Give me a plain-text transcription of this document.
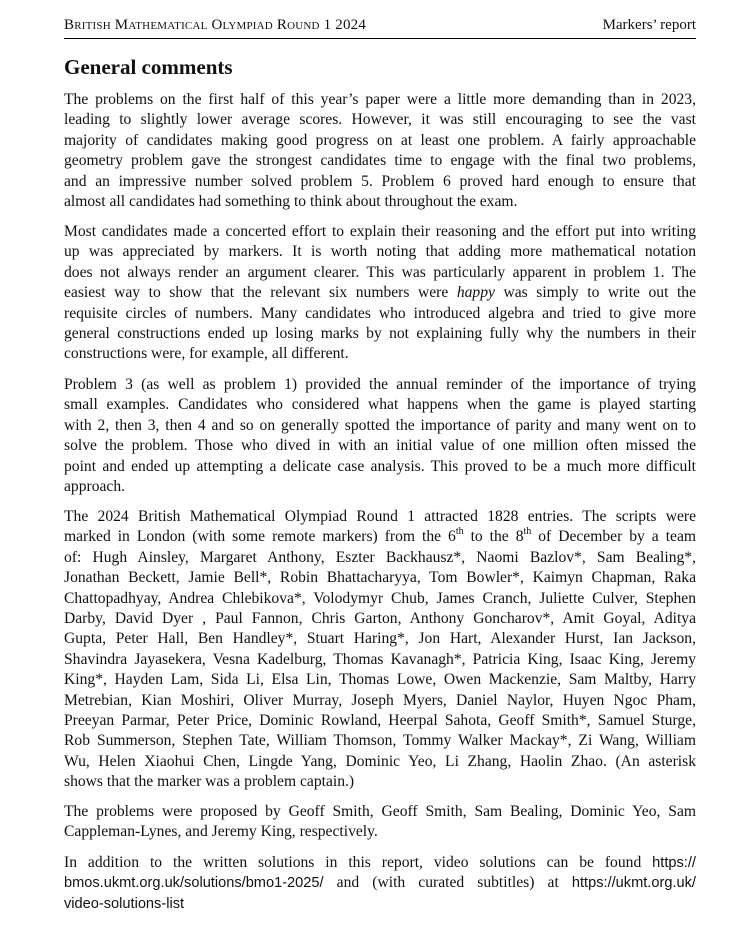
British Mathematical Olympiad Round 1 2024	Markers’ report
General comments
The problems on the first half of this year’s paper were a little more demanding than in 2023,
leading to slightly lower average scores. However, it was still encouraging to see the vast
majority of candidates making good progress on at least one problem. A fairly approachable
geometry problem gave the strongest candidates time to engage with the final two problems,
and an impressive number solved problem 5. Problem 6 proved hard enough to ensure that
almost all candidates had something to think about throughout the exam.
Most candidates made a concerted effort to explain their reasoning and the effort put into writing
up was appreciated by markers. It is worth noting that adding more mathematical notation
does not always render an argument clearer. This was particularly apparent in problem 1. The
easiest way to show that the relevant six numbers were happy was simply to write out the
requisite circles of numbers. Many candidates who introduced algebra and tried to give more
general constructions ended up losing marks by not explaining fully why the numbers in their
constructions were, for example, all different.
Problem 3 (as well as problem 1) provided the annual reminder of the importance of trying
small examples. Candidates who considered what happens when the game is played starting
with 2, then 3, then 4 and so on generally spotted the importance of parity and many went on to
solve the problem. Those who dived in with an initial value of one million often missed the
point and ended up attempting a delicate case analysis. This proved to be a much more difficult
approach.
The 2024 British Mathematical Olympiad Round 1 attracted 1828 entries. The scripts were
marked in London (with some remote markers) from the 6th to the 8th of December by a team
of: Hugh Ainsley, Margaret Anthony, Eszter Backhausz*, Naomi Bazlov*, Sam Bealing*,
Jonathan Beckett, Jamie Bell*, Robin Bhattacharyya, Tom Bowler*, Kaimyn Chapman, Raka
Chattopadhyay, Andrea Chlebikova*, Volodymyr Chub, James Cranch, Juliette Culver, Stephen
Darby, David Dyer , Paul Fannon, Chris Garton, Anthony Goncharov*, Amit Goyal, Aditya
Gupta, Peter Hall, Ben Handley*, Stuart Haring*, Jon Hart, Alexander Hurst, Ian Jackson,
Shavindra Jayasekera, Vesna Kadelburg, Thomas Kavanagh*, Patricia King, Isaac King, Jeremy
King*, Hayden Lam, Sida Li, Elsa Lin, Thomas Lowe, Owen Mackenzie, Sam Maltby, Harry
Metrebian, Kian Moshiri, Oliver Murray, Joseph Myers, Daniel Naylor, Huyen Ngoc Pham,
Preeyan Parmar, Peter Price, Dominic Rowland, Heerpal Sahota, Geoff Smith*, Samuel Sturge,
Rob Summerson, Stephen Tate, William Thomson, Tommy Walker Mackay*, Zi Wang, William
Wu, Helen Xiaohui Chen, Lingde Yang, Dominic Yeo, Li Zhang, Haolin Zhao. (An asterisk
shows that the marker was a problem captain.)
The problems were proposed by Geoff Smith, Geoff Smith, Sam Bealing, Dominic Yeo, Sam
Cappleman-Lynes, and Jeremy King, respectively.
In addition to the written solutions in this report, video solutions can be found https://
bmos.ukmt.org.uk/solutions/bmo1-2025/ and (with curated subtitles) at https://ukmt.org.uk/
video-solutions-list
